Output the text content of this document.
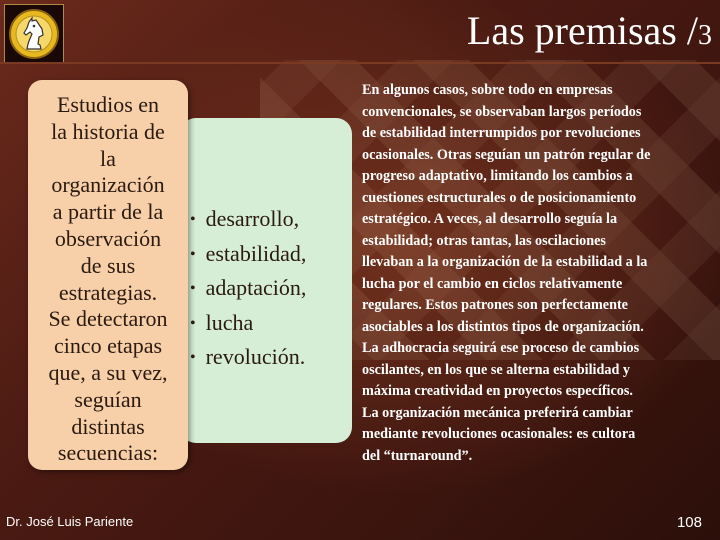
Las premisas /3
Estudios en
la historia de
la
organización
a partir de la
observación
de sus
estrategias.
Se detectaron
cinco etapas
que, a su vez,
seguían
distintas
secuencias:
• desarrollo,
• estabilidad,
• adaptación,
• lucha
• revolución.
En algunos casos, sobre todo en empresas
convencionales, se observaban largos períodos
de estabilidad interrumpidos por revoluciones
ocasionales. Otras seguían un patrón regular de
progreso adaptativo, limitando los cambios a
cuestiones estructurales o de posicionamiento
estratégico. A veces, al desarrollo seguía la
estabilidad; otras tantas, las oscilaciones
llevaban a la organización de la estabilidad a la
lucha por el cambio en ciclos relativamente
regulares. Estos patrones son perfectamente
asociables a los distintos tipos de organización.
La adhocracia seguirá ese proceso de cambios
oscilantes, en los que se alterna estabilidad y
máxima creatividad en proyectos específicos.
La organización mecánica preferirá cambiar
mediante revoluciones ocasionales: es cultora
del “turnaround”.
Dr. José Luis Pariente	108
